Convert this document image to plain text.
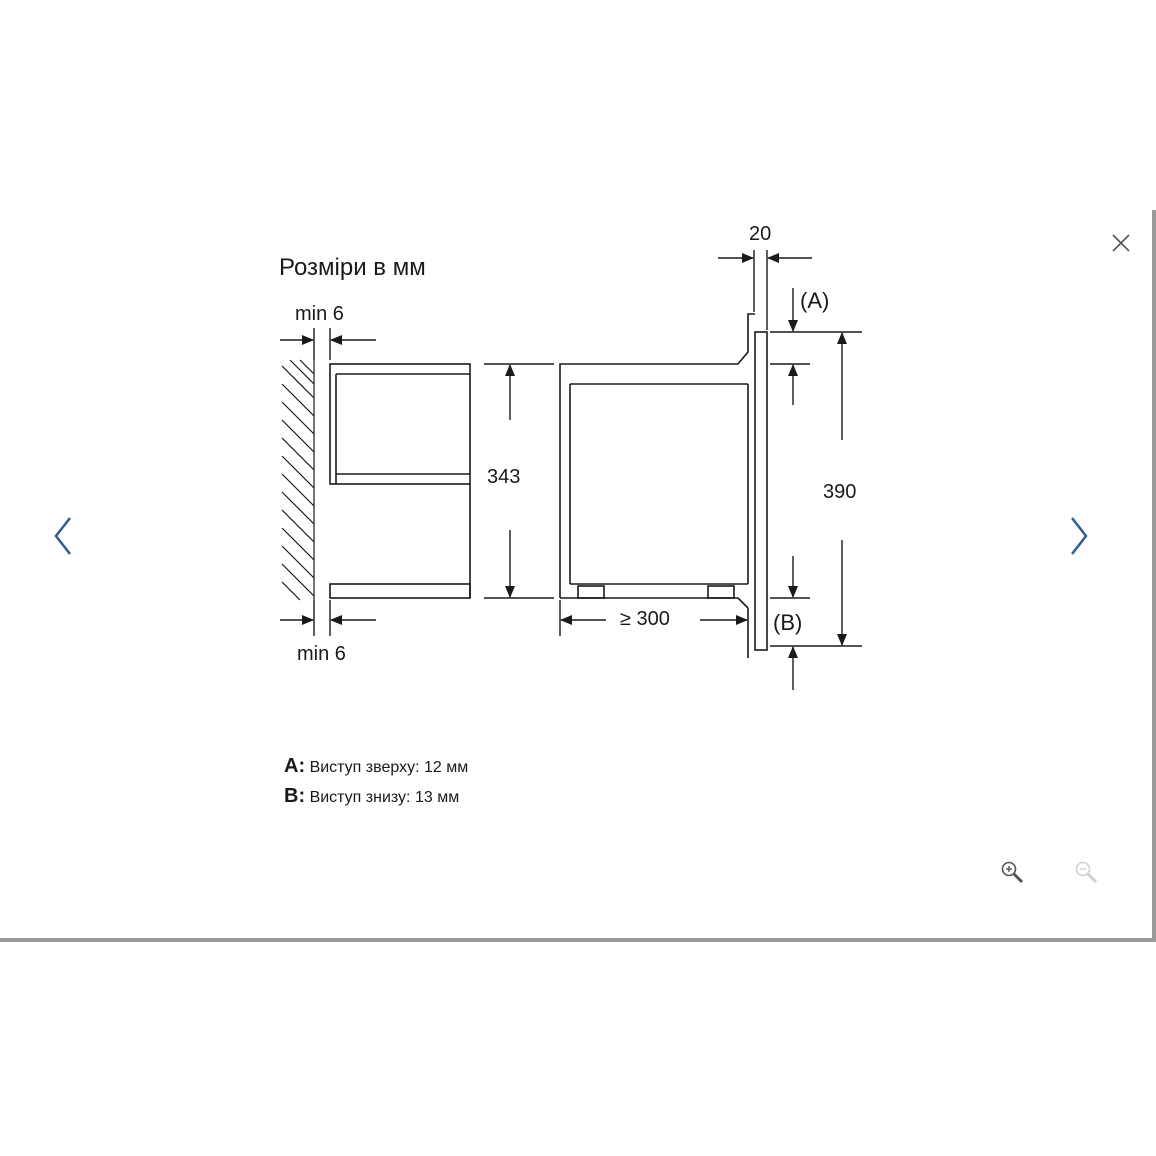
Розміри в мм
min 6
min 6
343
20
(A)
(B)
390
≥ 300
A: Виступ зверху: 12 мм
B: Виступ знизу: 13 мм
